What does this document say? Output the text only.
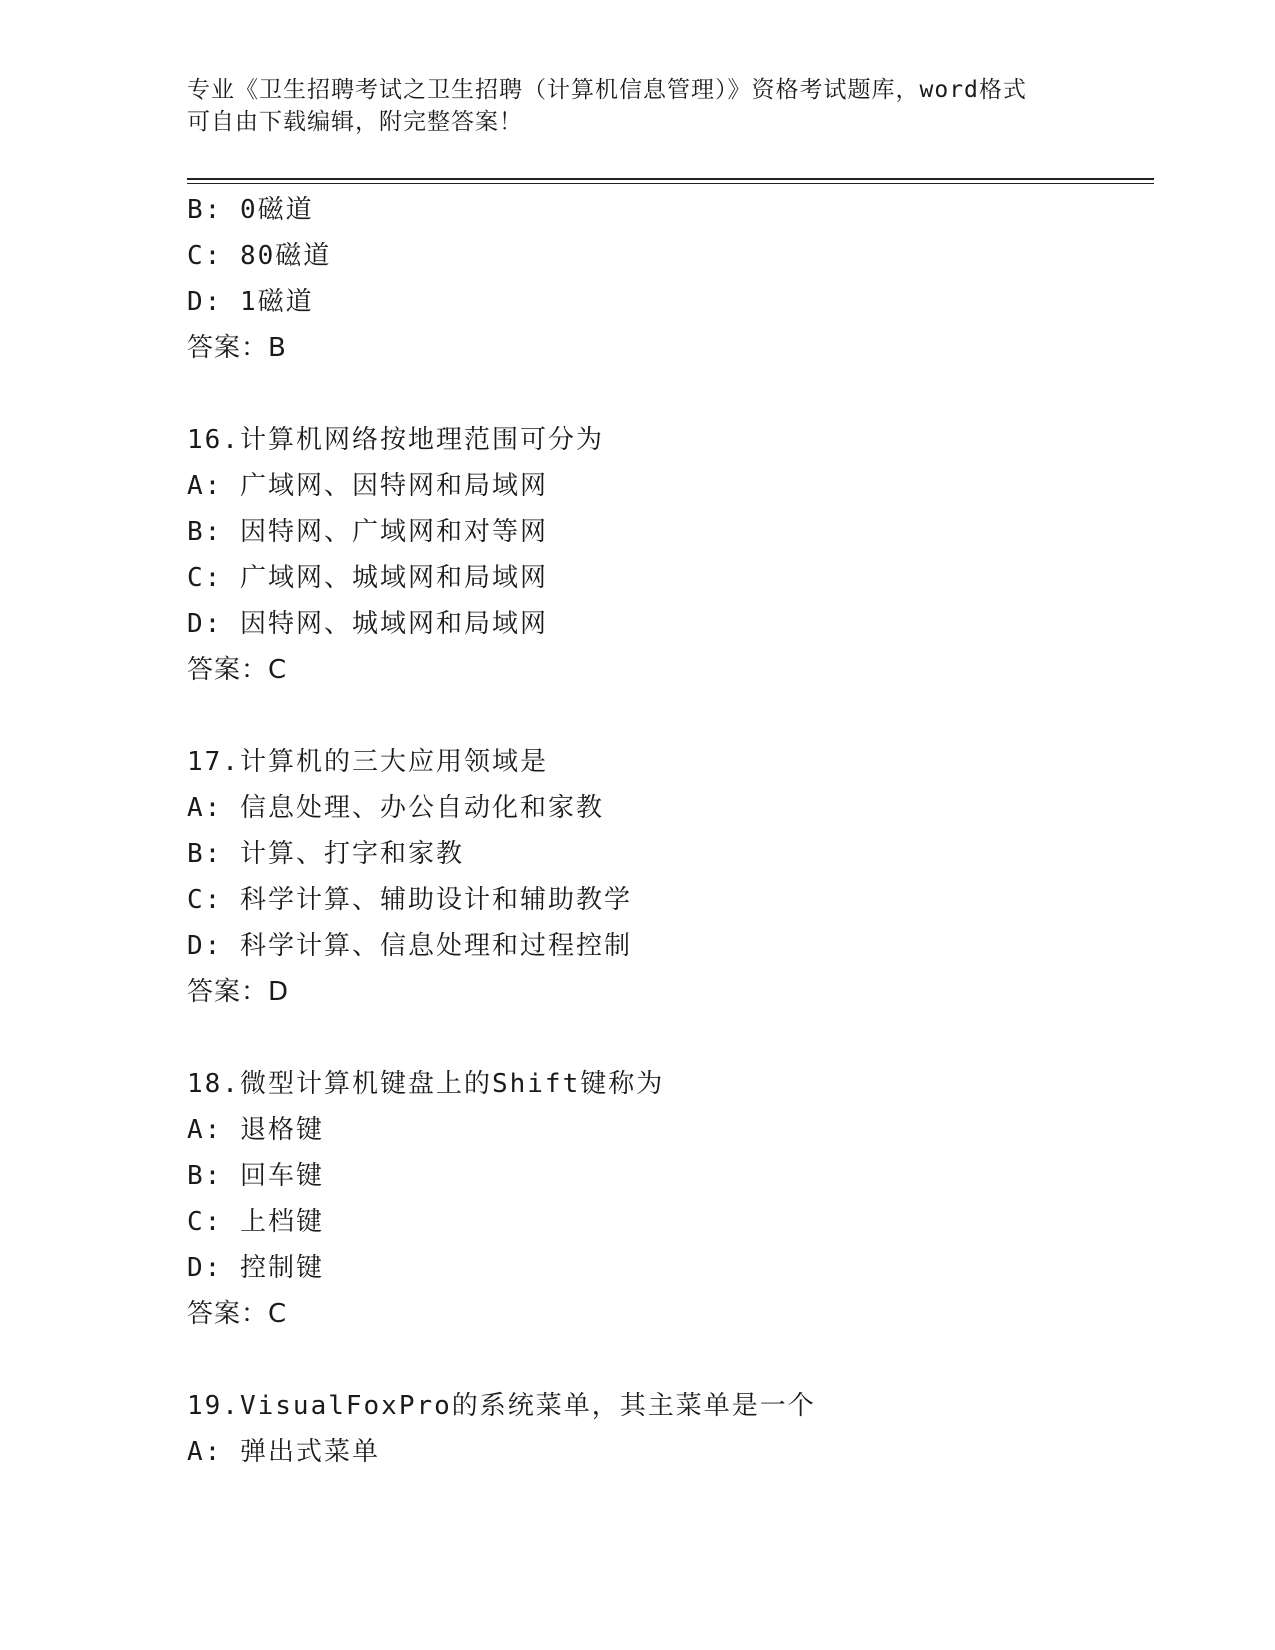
专业《卫生招聘考试之卫生招聘（计算机信息管理）》资格考试题库，word格式
可自由下载编辑，附完整答案！
B: 0磁道
C: 80磁道
D: 1磁道
答案：B
16.计算机网络按地理范围可分为
A: 广域网、因特网和局域网
B: 因特网、广域网和对等网
C: 广域网、城域网和局域网
D: 因特网、城域网和局域网
答案：C
17.计算机的三大应用领域是
A: 信息处理、办公自动化和家教
B: 计算、打字和家教
C: 科学计算、辅助设计和辅助教学
D: 科学计算、信息处理和过程控制
答案：D
18.微型计算机键盘上的Shift键称为
A: 退格键
B: 回车键
C: 上档键
D: 控制键
答案：C
19.VisualFoxPro的系统菜单，其主菜单是一个
A: 弹出式菜单
